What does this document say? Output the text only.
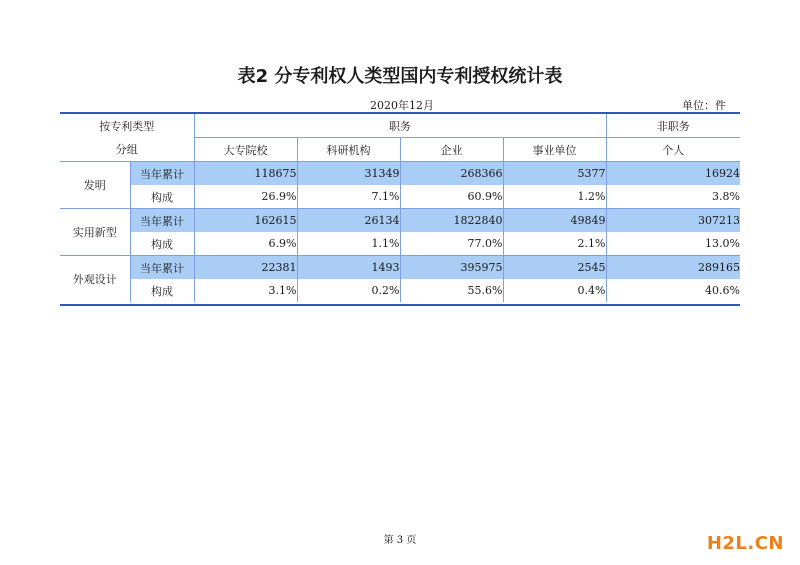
表2 分专利权人类型国内专利授权统计表
2020年12月	单位：件
按专利类型		职务				非职务
分组		大专院校	科研机构	企业	事业单位	个人
发明	当年累计	118675	31349	268366	5377	16924
	构成	26.9%	7.1%	60.9%	1.2%	3.8%
实用新型	当年累计	162615	26134	1822840	49849	307213
	构成	6.9%	1.1%	77.0%	2.1%	13.0%
外观设计	当年累计	22381	1493	395975	2545	289165
	构成	3.1%	0.2%	55.6%	0.4%	40.6%
第 3 页	H2L.CN
